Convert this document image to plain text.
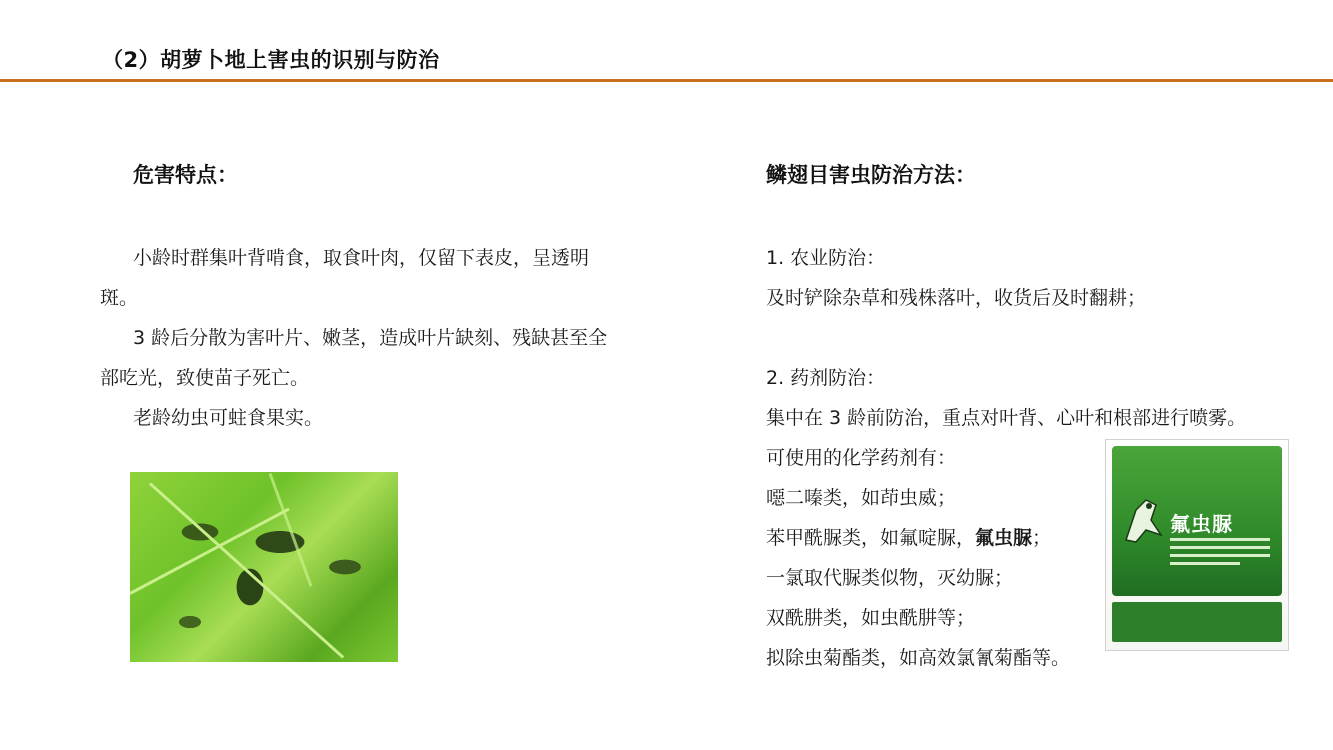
（2）胡萝卜地上害虫的识别与防治
危害特点：

小龄时群集叶背啃食，取食叶肉，仅留下表皮，呈透明斑。

3 龄后分散为害叶片、嫩茎，造成叶片缺刻、残缺甚至全部吃光，致使苗子死亡。

老龄幼虫可蛀食果实。

鳞翅目害虫防治方法：

1. 农业防治：

及时铲除杂草和残株落叶，收货后及时翻耕；

2. 药剂防治：

集中在 3 龄前防治，重点对叶背、心叶和根部进行喷雾。

可使用的化学药剂有：

噁二嗪类，如茚虫威；

苯甲酰脲类，如氟啶脲，氟虫脲；

一氯取代脲类似物，灭幼脲；

双酰肼类，如虫酰肼等；

拟除虫菊酯类，如高效氯氰菊酯等。

氟虫脲
